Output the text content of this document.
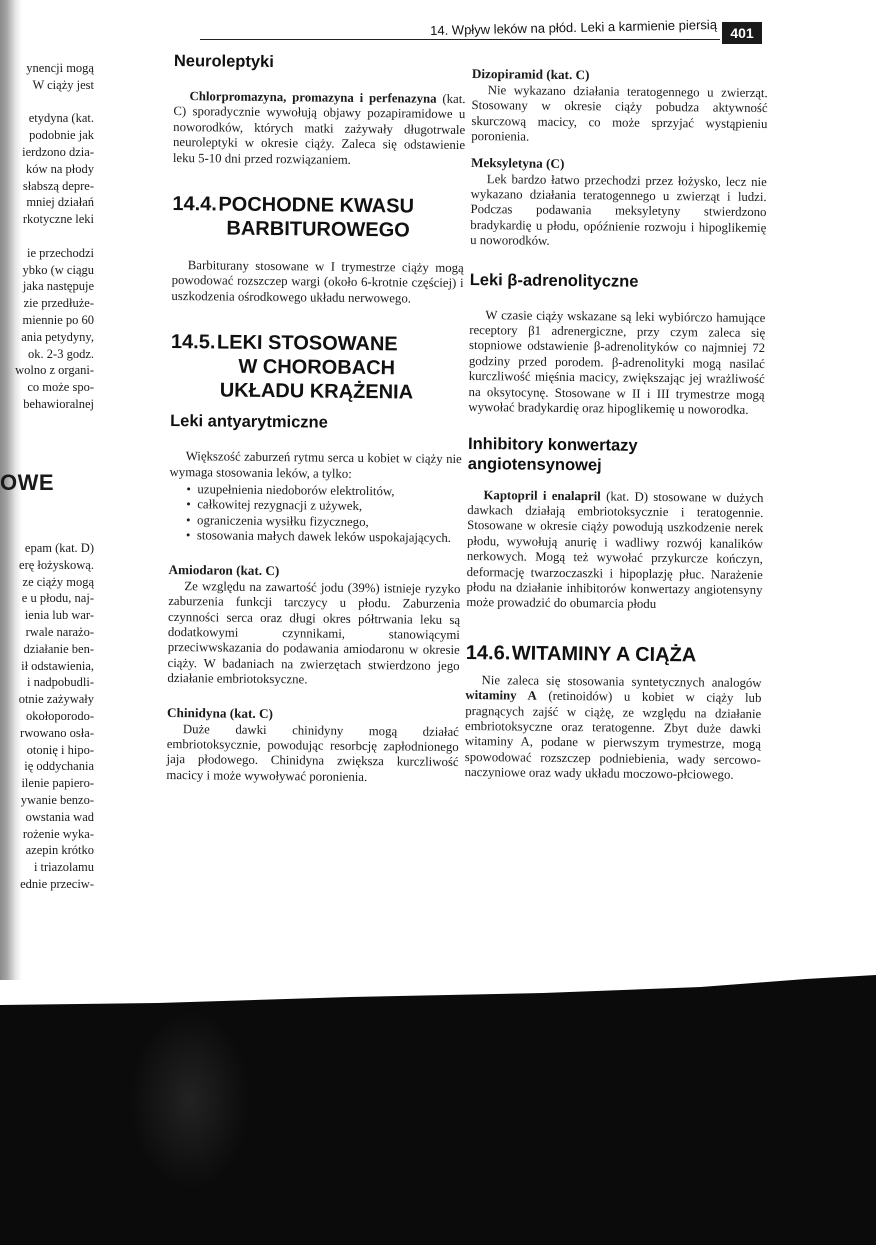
14. Wpływ leków na płód. Leki a karmienie piersią 401
ynencji mogą
W ciąży jest

etydyna (kat.
podobnie jak
ierdzono dzia-
ków na płody
słabszą depre-
mniej działań
rkotyczne leki

ie przechodzi
ybko (w ciągu
jaka następuje
zie przedłuże-
miennie po 60
ania petydyny,
ok. 2-3 godz.
wolno z organi-
co może spo-
behawioralnej
OWE
epam (kat. D)
erę łożyskową.
ze ciąży mogą
e u płodu, naj-
ienia lub war-
rwale narażo-
działanie ben-
ił odstawienia,
i nadpobudli-
otnie zażywały
okołoporodo-
rwowano osła-
otonię i hipo-
ię oddychania
ilenie papiero-
ywanie benzo-
owstania wad
rożenie wyka-
azepin krótko
i triazolamu
ednie przeciw-
Neuroleptyki

Chlorpromazyna, promazyna i perfenazyna (kat. C) sporadycznie wywołują objawy pozapiramidowe u noworodków, których matki zażywały długotrwale neuroleptyki w okresie ciąży. Zaleca się odstawienie leku 5-10 dni przed rozwiązaniem.

14.4.POCHODNE KWASU
BARBITUROWEGO

Barbiturany stosowane w I trymestrze ciąży mogą powodować rozszczep wargi (około 6-krotnie częściej) i uszkodzenia ośrodkowego układu nerwowego.

14.5.LEKI STOSOWANE
W CHOROBACH
UKŁADU KRĄŻENIA
Leki antyarytmiczne

Większość zaburzeń rytmu serca u kobiet w ciąży nie wymaga stosowania leków, a tylko:

• uzupełnienia niedoborów elektrolitów,
• całkowitej rezygnacji z używek,
• ograniczenia wysiłku fizycznego,
• stosowania małych dawek leków uspokajających.
Amiodaron (kat. C)

Ze względu na zawartość jodu (39%) istnieje ryzyko zaburzenia funkcji tarczycy u płodu. Zaburzenia czynności serca oraz długi okres półtrwania leku są dodatkowymi czynnikami, stanowiącymi przeciwwskazania do podawania amiodaronu w okresie ciąży. W badaniach na zwierzętach stwierdzono jego działanie embriotoksyczne.

Chinidyna (kat. C)

Duże dawki chinidyny mogą działać embriotoksycznie, powodując resorbcję zapłodnionego jaja płodowego. Chinidyna zwiększa kurczliwość macicy i może wywoływać poronienia.

Dizopiramid (kat. C)

Nie wykazano działania teratogennego u zwierząt. Stosowany w okresie ciąży pobudza aktywność skurczową macicy, co może sprzyjać wystąpieniu poronienia.

Meksyletyna (C)

Lek bardzo łatwo przechodzi przez łożysko, lecz nie wykazano działania teratogennego u zwierząt i ludzi. Podczas podawania meksyletyny stwierdzono bradykardię u płodu, opóźnienie rozwoju i hipoglikemię u noworodków.

Leki β-adrenolityczne

W czasie ciąży wskazane są leki wybiórczo hamujące receptory β1 adrenergiczne, przy czym zaleca się stopniowe odstawienie β-adrenolityków co najmniej 72 godziny przed porodem. β-adrenolityki mogą nasilać kurczliwość mięśnia macicy, zwiększając jej wrażliwość na oksytocynę. Stosowane w II i III trymestrze mogą wywołać bradykardię oraz hipoglikemię u noworodka.

Inhibitory konwertazy angiotensynowej

Kaptopril i enalapril (kat. D) stosowane w dużych dawkach działają embriotoksycznie i teratogennie. Stosowane w okresie ciąży powodują uszkodzenie nerek płodu, wywołują anurię i wadliwy rozwój kanalików nerkowych. Mogą też wywołać przykurcze kończyn, deformację twarzoczaszki i hipoplazję płuc. Narażenie płodu na działanie inhibitorów konwertazy angiotensyny może prowadzić do obumarcia płodu

14.6.WITAMINY A CIĄŻA

Nie zaleca się stosowania syntetycznych analogów witaminy A (retinoidów) u kobiet w ciąży lub pragnących zajść w ciążę, ze względu na działanie embriotoksyczne oraz teratogenne. Zbyt duże dawki witaminy A, podane w pierwszym trymestrze, mogą spowodować rozszczep podniebienia, wady sercowo-naczyniowe oraz wady układu moczowo-płciowego.
